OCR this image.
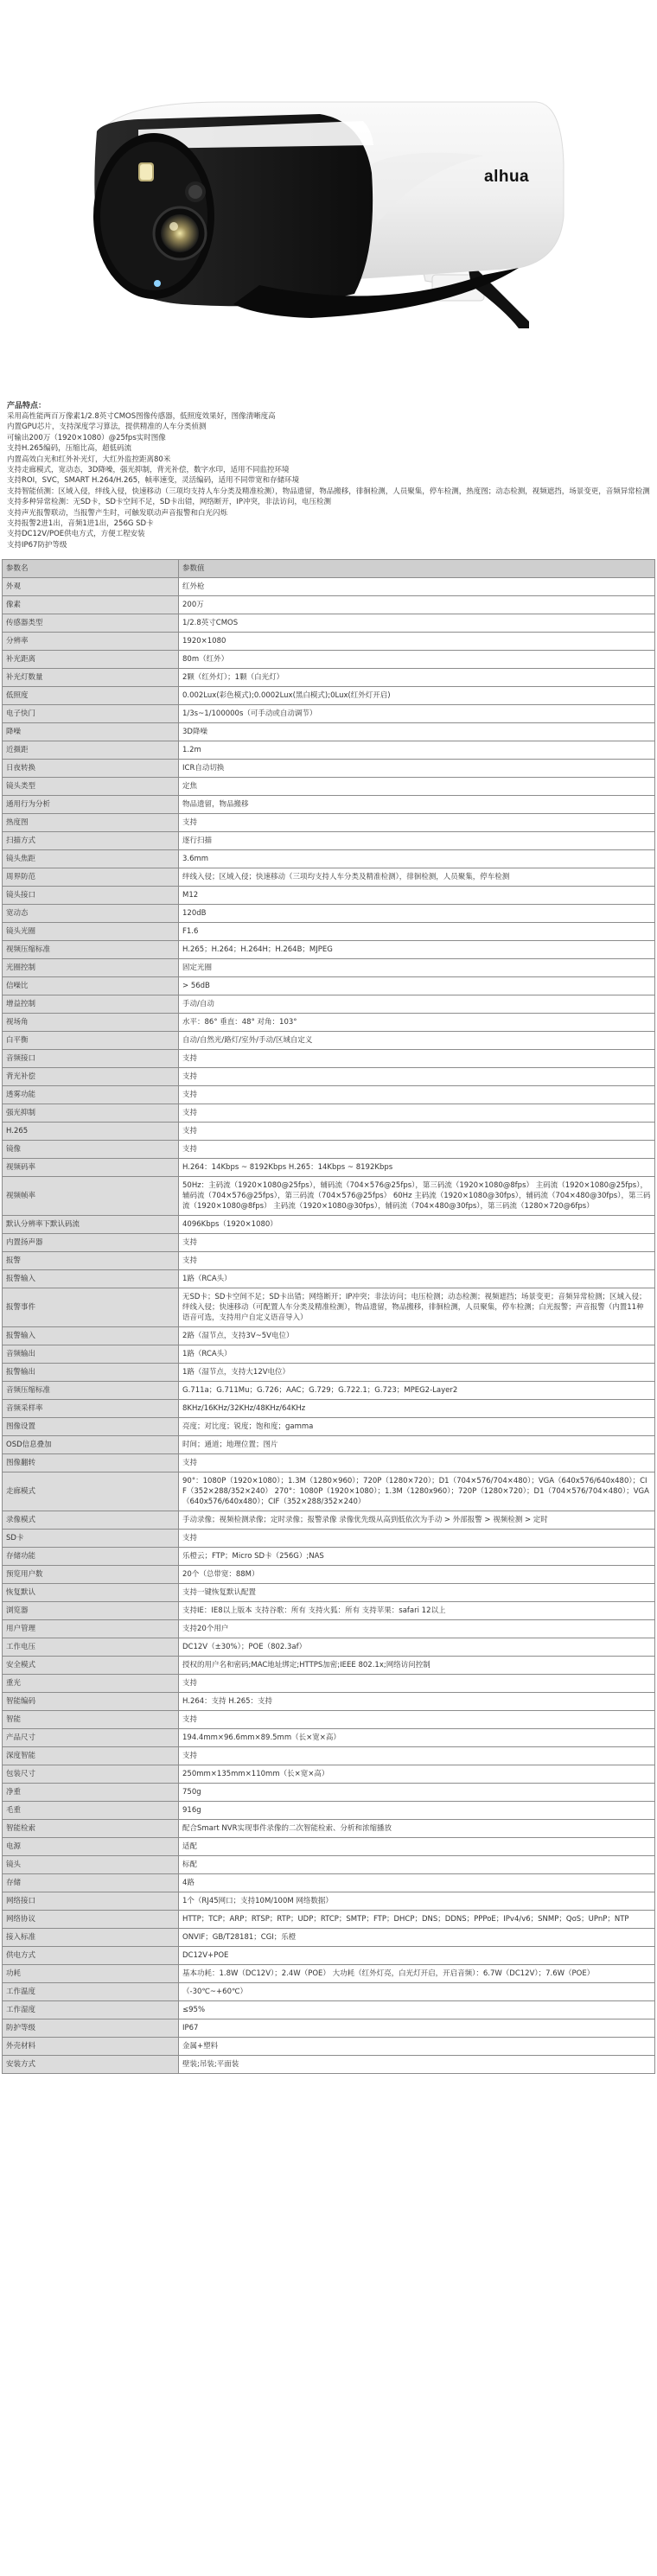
alhua
产品特点：
采用高性能两百万像素1/2.8英寸CMOS图像传感器，低照度效果好，图像清晰度高
内置GPU芯片，支持深度学习算法，提供精准的人车分类侦测
可输出200万（1920×1080）@25fps实时图像
支持H.265编码，压缩比高，超低码流
内置高效白光和红外补光灯，大红外监控距离80米
支持走廊模式，宽动态，3D降噪，强光抑制，背光补偿，数字水印，适用不同监控环境
支持ROI，SVC，SMART H.264/H.265，帧率速变，灵活编码，适用不同带宽和存储环境
支持智能侦测：区域入侵，绊线入侵，快速移动（三项均支持人车分类及精准检测），物品遗留，物品搬移，徘徊检测，人员聚集，停车检测，热度图；动态检测，视频遮挡，场景变更，音频异常检测
支持多种异常检测：无SD卡，SD卡空间不足，SD卡出错，网络断开，IP冲突，非法访问，电压检测
支持声光报警联动，当报警产生时，可触发联动声音报警和白光闪烁
支持报警2进1出，音频1进1出，256G SD卡
支持DC12V/POE供电方式，方便工程安装
支持IP67防护等级
参数名	参数值
外观	红外枪
像素	200万
传感器类型	1/2.8英寸CMOS
分辨率	1920×1080
补光距离	80m（红外）
补光灯数量	2颗（红外灯）；1颗（白光灯）
低照度	0.002Lux(彩色模式);0.0002Lux(黑白模式);0Lux(红外灯开启)
电子快门	1/3s~1/100000s（可手动或自动调节）
降噪	3D降噪
近摄距	1.2m
日夜转换	ICR自动切换
镜头类型	定焦
通用行为分析	物品遗留，物品搬移
热度图	支持
扫描方式	逐行扫描
镜头焦距	3.6mm
周界防范	绊线入侵；区域入侵；快速移动（三项均支持人车分类及精准检测），徘徊检测，人员聚集，停车检测
镜头接口	M12
宽动态	120dB
镜头光圈	F1.6
视频压缩标准	H.265；H.264；H.264H；H.264B；MJPEG
光圈控制	固定光圈
信噪比	> 56dB
增益控制	手动/自动
视场角	水平：86° 垂直：48° 对角：103°
白平衡	自动/自然光/路灯/室外/手动/区域自定义
音频接口	支持
背光补偿	支持
透雾功能	支持
强光抑制	支持
H.265	支持
镜像	支持
视频码率	H.264：14Kbps ~ 8192Kbps H.265：14Kbps ~ 8192Kbps
视频帧率	50Hz：主码流（1920×1080@25fps），辅码流（704×576@25fps），第三码流（1920×1080@8fps） 主码流（1920×1080@25fps），辅码流（704×576@25fps），第三码流（704×576@25fps） 60Hz 主码流（1920×1080@30fps），辅码流（704×480@30fps），第三码流（1920×1080@8fps） 主码流（1920×1080@30fps），辅码流（704×480@30fps），第三码流（1280×720@6fps）
默认分辨率下默认码流	4096Kbps（1920×1080）
内置扬声器	支持
报警	支持
报警输入	1路（RCA头）
报警事件	无SD卡；SD卡空间不足；SD卡出错；网络断开；IP冲突；非法访问；电压检测；动态检测；视频遮挡；场景变更；音频异常检测；区域入侵；绊线入侵；快速移动（可配置人车分类及精准检测），物品遗留，物品搬移，徘徊检测，人员聚集，停车检测；白光报警；声音报警（内置11种语音可选，支持用户自定义语音导入）
报警输入	2路（湿节点，支持3V~5V电位）
音频输出	1路（RCA头）
报警输出	1路（湿节点，支持大12V电位）
音频压缩标准	G.711a；G.711Mu；G.726；AAC；G.729；G.722.1；G.723；MPEG2-Layer2
音频采样率	8KHz/16KHz/32KHz/48KHz/64KHz
图像设置	亮度；对比度；锐度；饱和度；gamma
OSD信息叠加	时间；通道；地理位置；图片
图像翻转	支持
走廊模式	90°：1080P（1920×1080）；1.3M（1280×960）；720P（1280×720）；D1（704×576/704×480）；VGA（640x576/640x480）；CIF（352×288/352×240） 270°：1080P（1920×1080）；1.3M（1280x960）；720P（1280×720）；D1（704×576/704×480）；VGA（640x576/640x480）；CIF（352×288/352×240）
录像模式	手动录像；视频检测录像；定时录像；报警录像 录像优先级从高到低依次为手动 > 外部报警 > 视频检测 > 定时
SD卡	支持
存储功能	乐橙云；FTP；Micro SD卡（256G）;NAS
预览用户数	20个（总带宽：88M）
恢复默认	支持一键恢复默认配置
浏览器	支持IE：IE8以上版本 支持谷歌：所有 支持火狐：所有 支持苹果：safari 12以上
用户管理	支持20个用户
工作电压	DC12V（±30%）；POE（802.3af）
安全模式	授权的用户名和密码;MAC地址绑定;HTTPS加密;IEEE 802.1x;网络访问控制
重光	支持
智能编码	H.264：支持 H.265：支持
智能	支持
产品尺寸	194.4mm×96.6mm×89.5mm（长×宽×高）
深度智能	支持
包装尺寸	250mm×135mm×110mm（长×宽×高）
净重	750g
毛重	916g
智能检索	配合Smart NVR实现事件录像的二次智能检索、分析和浓缩播放
电源	适配
镜头	标配
存储	4路
网络接口	1个（RJ45网口；支持10M/100M 网络数据）
网络协议	HTTP；TCP；ARP；RTSP；RTP；UDP；RTCP；SMTP；FTP；DHCP；DNS；DDNS；PPPoE；IPv4/v6；SNMP；QoS；UPnP；NTP
接入标准	ONVIF；GB/T28181；CGI；乐橙
供电方式	DC12V+POE
功耗	基本功耗：1.8W（DC12V）；2.4W（POE） 大功耗（红外灯亮，白光灯开启，开启音频）：6.7W（DC12V）；7.6W（POE）
工作温度	（-30℃~+60℃）
工作湿度	≤95%
防护等级	IP67
外壳材料	金属+塑料
安装方式	壁装;吊装;平面装
